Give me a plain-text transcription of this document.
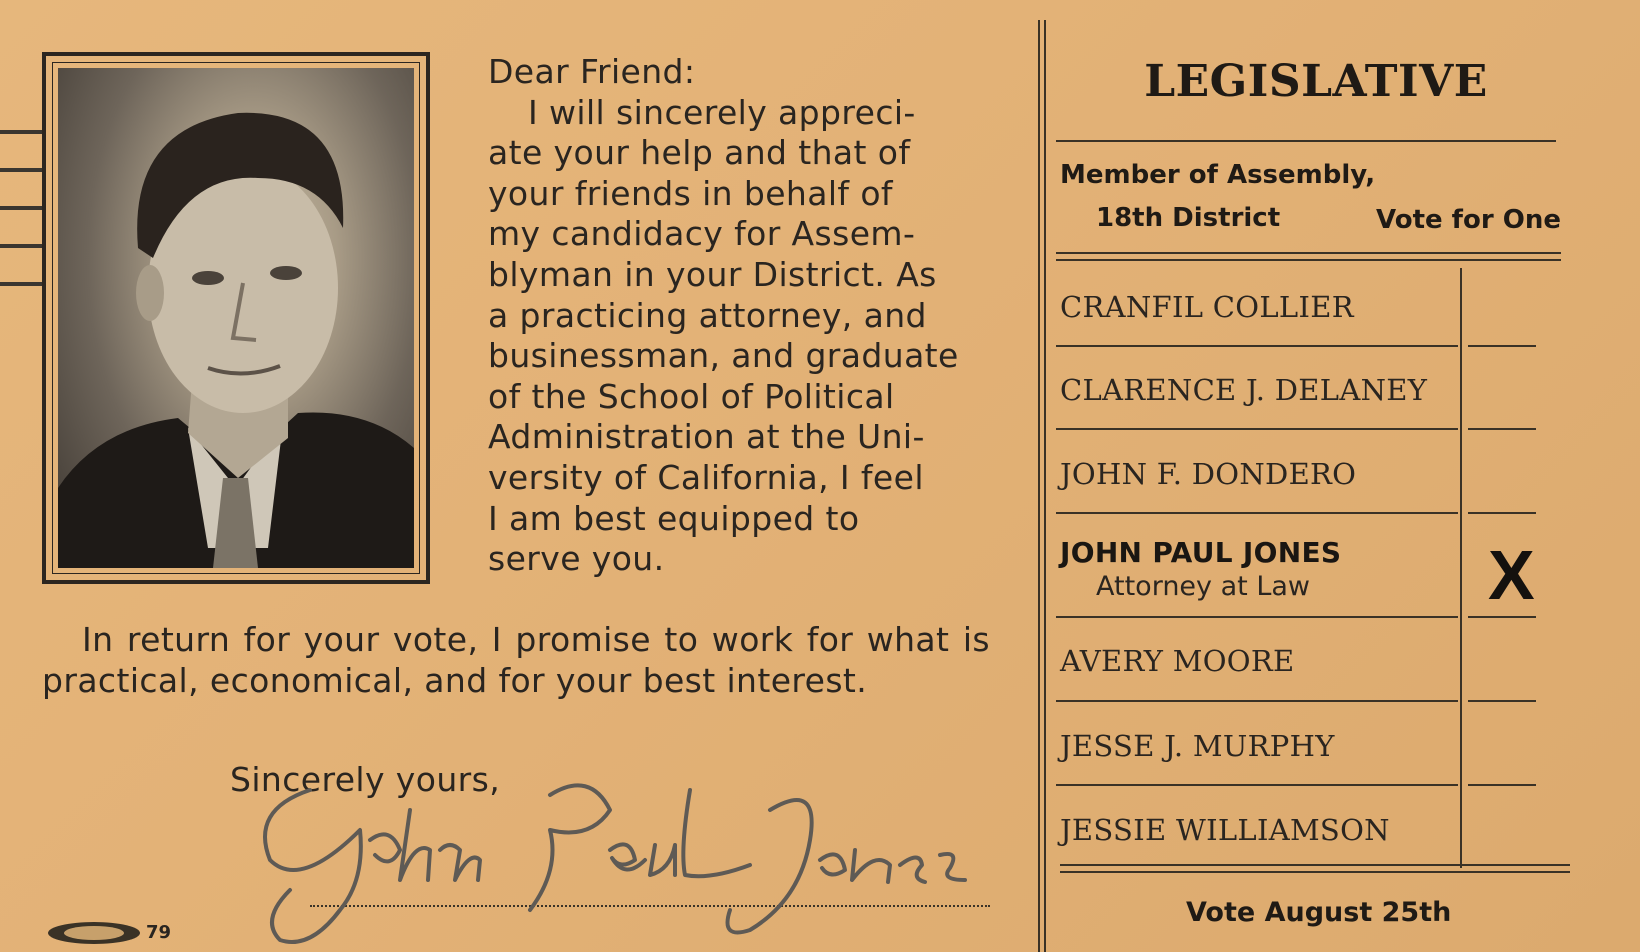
Dear Friend:

I will sincerely appreci-
ate your help and that of
your friends in behalf of
my candidacy for Assem-
blyman in your District. As
a practicing attorney, and
businessman, and graduate
of the School of Political
Administration at the Uni-
versity of California, I feel
I am best equipped to
serve you.

In return for your vote, I promise to work for what is practical, economical, and for your best interest.
Sincerely yours,
79
LEGISLATIVE
Member of Assembly,
18th District	Vote for One
CRANFIL COLLIER
CLARENCE J. DELANEY
JOHN F. DONDERO
JOHN PAUL JONES
Attorney at Law	X
AVERY MOORE
JESSE J. MURPHY
JESSIE WILLIAMSON
Vote August 25th
